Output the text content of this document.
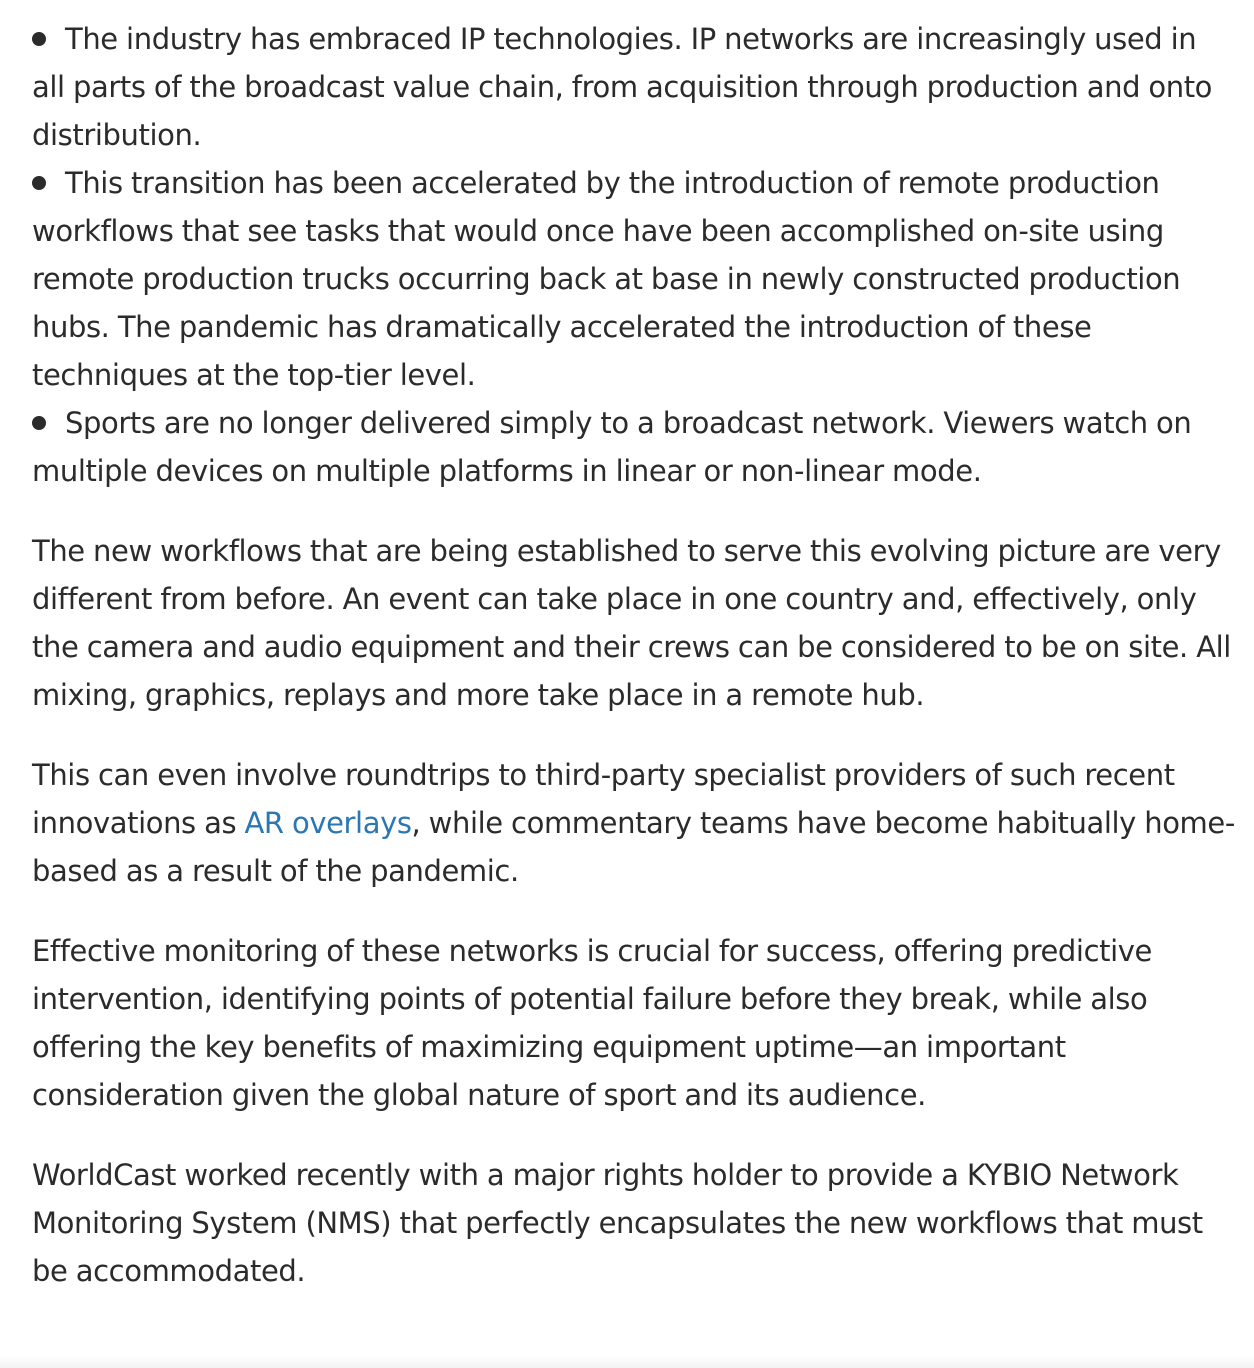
The industry has embraced IP technologies. IP networks are increasingly used in all parts of the broadcast value chain, from acquisition through production and onto distribution.
This transition has been accelerated by the introduction of remote production workflows that see tasks that would once have been accomplished on-site using remote production trucks occurring back at base in newly constructed production hubs. The pandemic has dramatically accelerated the introduction of these techniques at the top-tier level.
Sports are no longer delivered simply to a broadcast network. Viewers watch on multiple devices on multiple platforms in linear or non-linear mode.

The new workflows that are being established to serve this evolving picture are very different from before. An event can take place in one country and, effectively, only the camera and audio equipment and their crews can be considered to be on site. All mixing, graphics, replays and more take place in a remote hub.

This can even involve roundtrips to third-party specialist providers of such recent innovations as AR overlays, while commentary teams have become habitually home-based as a result of the pandemic.

Effective monitoring of these networks is crucial for success, offering predictive intervention, identifying points of potential failure before they break, while also offering the key benefits of maximizing equipment uptime—an important consideration given the global nature of sport and its audience.

WorldCast worked recently with a major rights holder to provide a KYBIO Network Monitoring System (NMS) that perfectly encapsulates the new workflows that must be accommodated.
